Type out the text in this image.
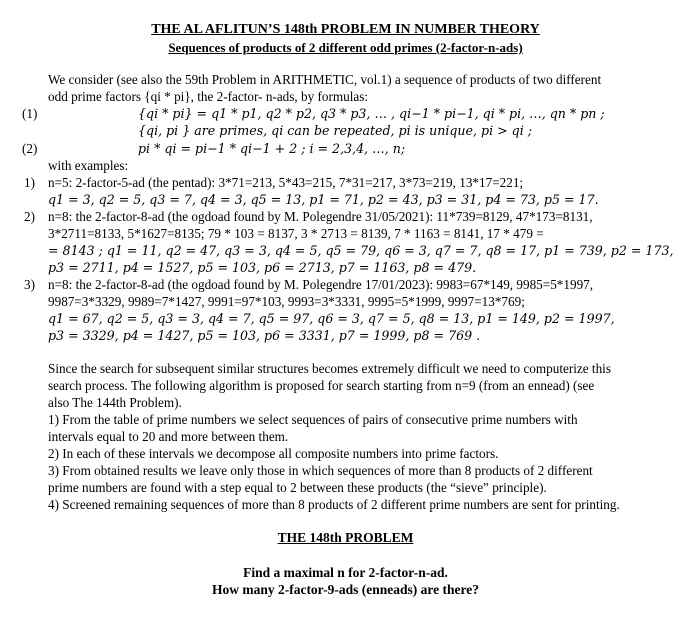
THE AL AFLITUN’S 148th PROBLEM IN NUMBER THEORY
Sequences of products of 2 different odd primes (2-factor-n-ads)
(1)
(2)
1)
2)
3)
We consider (see also the 59th Problem in ARITHMETIC, vol.1) a sequence of products of two different
odd prime factors {qi * pi}, the 2-factor- n-ads, by formulas:
{qi * pi} = q1 * p1, q2 * p2, q3 * p3, … , qi−1 * pi−1, qi * pi, …, qn * pn ;
{qi, pi } are primes, qi can be repeated, pi is unique, pi > qi ;
pi * qi = pi−1 * qi−1 + 2 ; i = 2,3,4, …, n;
with examples:
n=5: 2-factor-5-ad (the pentad): 3*71=213, 5*43=215, 7*31=217, 3*73=219, 13*17=221;
q1 = 3, q2 = 5, q3 = 7, q4 = 3, q5 = 13, p1 = 71, p2 = 43, p3 = 31, p4 = 73, p5 = 17.
n=8: the 2-factor-8-ad (the ogdoad found by M. Polegendre 31/05/2021): 11*739=8129, 47*173=8131,
3*2711=8133, 5*1627=8135; 79 * 103 = 8137, 3 * 2713 = 8139, 7 * 1163 = 8141, 17 * 479 =
= 8143 ; q1 = 11, q2 = 47, q3 = 3, q4 = 5, q5 = 79, q6 = 3, q7 = 7, q8 = 17, p1 = 739, p2 = 173,
p3 = 2711, p4 = 1527, p5 = 103, p6 = 2713, p7 = 1163, p8 = 479.
n=8: the 2-factor-8-ad (the ogdoad found by M. Polegendre 17/01/2023): 9983=67*149, 9985=5*1997,
9987=3*3329, 9989=7*1427, 9991=97*103, 9993=3*3331, 9995=5*1999, 9997=13*769;
q1 = 67, q2 = 5, q3 = 3, q4 = 7, q5 = 97, q6 = 3, q7 = 5, q8 = 13, p1 = 149, p2 = 1997,
p3 = 3329, p4 = 1427, p5 = 103, p6 = 3331, p7 = 1999, p8 = 769 .
Since the search for subsequent similar structures becomes extremely difficult we need to computerize this
search process. The following algorithm is proposed for search starting from n=9 (from an ennead) (see
also The 144th Problem).
1) From the table of prime numbers we select sequences of pairs of consecutive prime numbers with
intervals equal to 20 and more between them.
2) In each of these intervals we decompose all composite numbers into prime factors.
3) From obtained results we leave only those in which sequences of more than 8 products of 2 different
prime numbers are found with a step equal to 2 between these products (the “sieve” principle).
4) Screened remaining sequences of more than 8 products of 2 different prime numbers are sent for printing.
THE 148th PROBLEM
Find a maximal n for 2-factor-n-ad.
How many 2-factor-9-ads (enneads) are there?
